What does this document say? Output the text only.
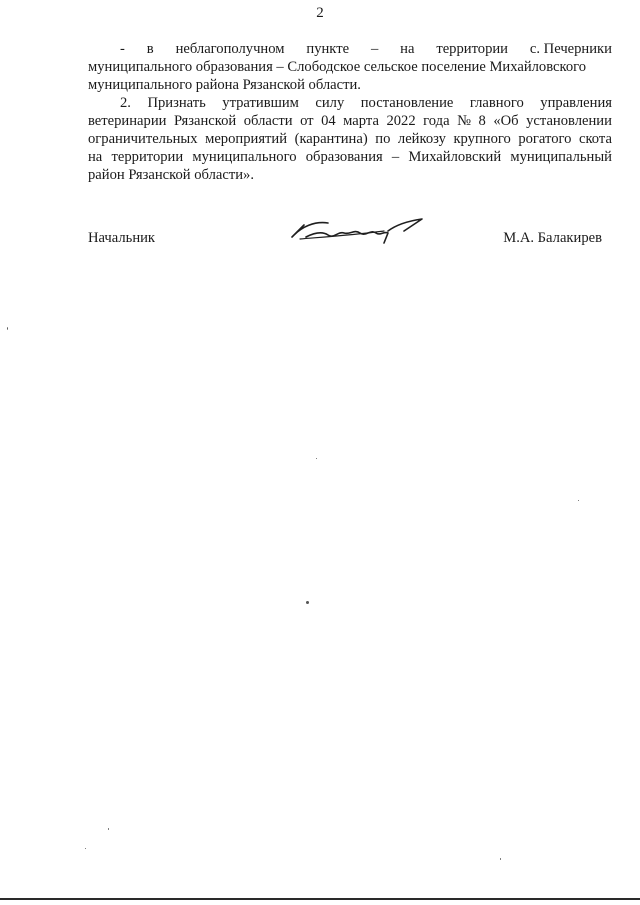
2
- в неблагополучном пункте – на территории с. Печерники
муниципального образования – Слободское сельское поселение Михайловского
муниципального района Рязанской области.
2. Признать утратившим силу постановление главного управления
ветеринарии Рязанской области от 04 марта 2022 года № 8 «Об установлении
ограничительных мероприятий (карантина) по лейкозу крупного рогатого скота
на территории муниципального образования – Михайловский муниципальный
район Рязанской области».
Начальник	М.А. Балакирев
